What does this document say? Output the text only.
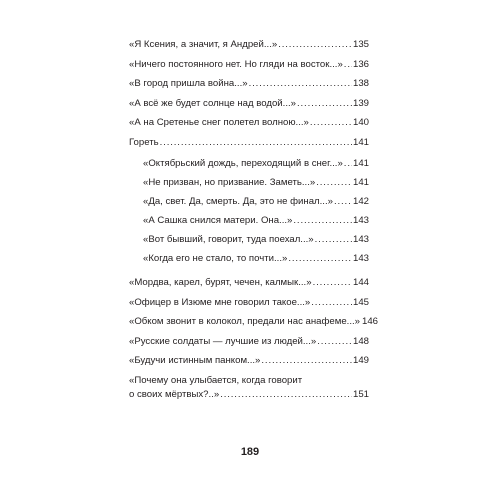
«Я Ксения, а значит, я Андрей...» . . .	135
«Ничего постоянного нет. Но гляди на восток...» . . . 136
«В город пришла война...» . . .	138
«А всё же будет солнце над водой...» . . .	139
«А на Сретенье снег полетел волною...» . . .	140
Гореть . . .	141
«Октябрьский дождь, переходящий в снег...» . . . 141
«Не призван, но призвание. Заметь...» . . .	141
«Да, свет. Да, смерть. Да, это не финал...» . . . 142
«А Сашка снился матери. Она...» . . .	143
«Вот бывший, говорит, туда поехал...» . . .	143
«Когда его не стало, то почти...» . . .	143
«Мордва, карел, бурят, чечен, калмык...» . . .	144
«Офицер в Изюме мне говорил такое...» . . .	145
«Обком звонит в колокол, предали нас анафеме...» 146
«Русские солдаты — лучшие из людей...» . . .	148
«Будучи истинным панком...» . . .	149
«Почему она улыбается, когда говорит
о своих мёртвых?..» . . .	151
189
